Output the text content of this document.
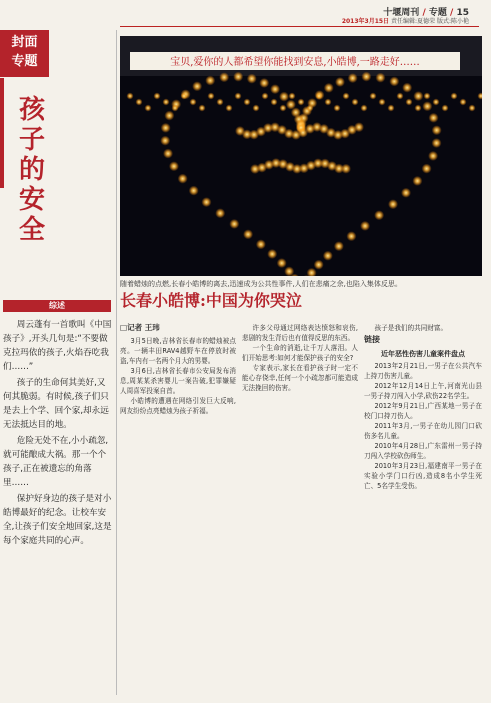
十堰周刊 / 专题 / 15
2013年3月15日 责任编辑:夏德荣 版式:陈小艳
封面
专题
孩子的安全
综述

周云蓬有一首歌叫《中国孩子》,开头几句是:“不要做克拉玛依的孩子,火焰吞吃我们……”

孩子的生命何其美好,又何其脆弱。有时候,孩子们只是去上个学、回个家,却永远无法抵达目的地。

危险无处不在,小小疏忽,就可能酿成大祸。那一个个孩子,正在被遗忘的角落里……

保护好身边的孩子是对小皓博最好的纪念。让校车安全,让孩子们安全地回家,这是每个家庭共同的心声。

宝贝,爱你的人都希望你能找到安息,小皓博,一路走好……
随着蜡烛的点燃,长春小皓博的离去,迅速成为公共性事件,人们在悲痛之余,也陷入集体反思。
长春小皓博:中国为你哭泣
□记者 王玮

3月5日晚,吉林省长春市的蜡烛被点亮。一辆丰田RAV4越野车在停放时被盗,车内有一名两个月大的男婴。

3月6日,吉林省长春市公安局发布消息,周某某杀害婴儿一案告破,犯罪嫌疑人周喜军投案自首。

小皓博的遭遇在网络引发巨大反响,网友纷纷点亮蜡烛为孩子祈福。

许多父母通过网络表达愤怒和哀伤,悲剧的发生背后也有值得反思的东西。

一个生命的消逝,让千万人落泪。人们开始思考:如何才能保护孩子的安全?

专家表示,家长在看护孩子时一定不能心存侥幸,任何一个小疏忽都可能造成无法挽回的伤害。

孩子是我们的共同财富。

链接
近年恶性伤害儿童案件盘点

2013年2月21日,一男子在公共汽车上持刀伤害儿童。

2012年12月14日上午,河南光山县一男子持刀闯入小学,砍伤22名学生。

2012年9月21日,广西某地一男子在校门口持刀伤人。

2011年3月,一男子在幼儿园门口砍伤多名儿童。

2010年4月28日,广东雷州一男子持刀闯入学校砍伤师生。

2010年3月23日,福建南平一男子在实验小学门口行凶,造成8名小学生死亡、5名学生受伤。
